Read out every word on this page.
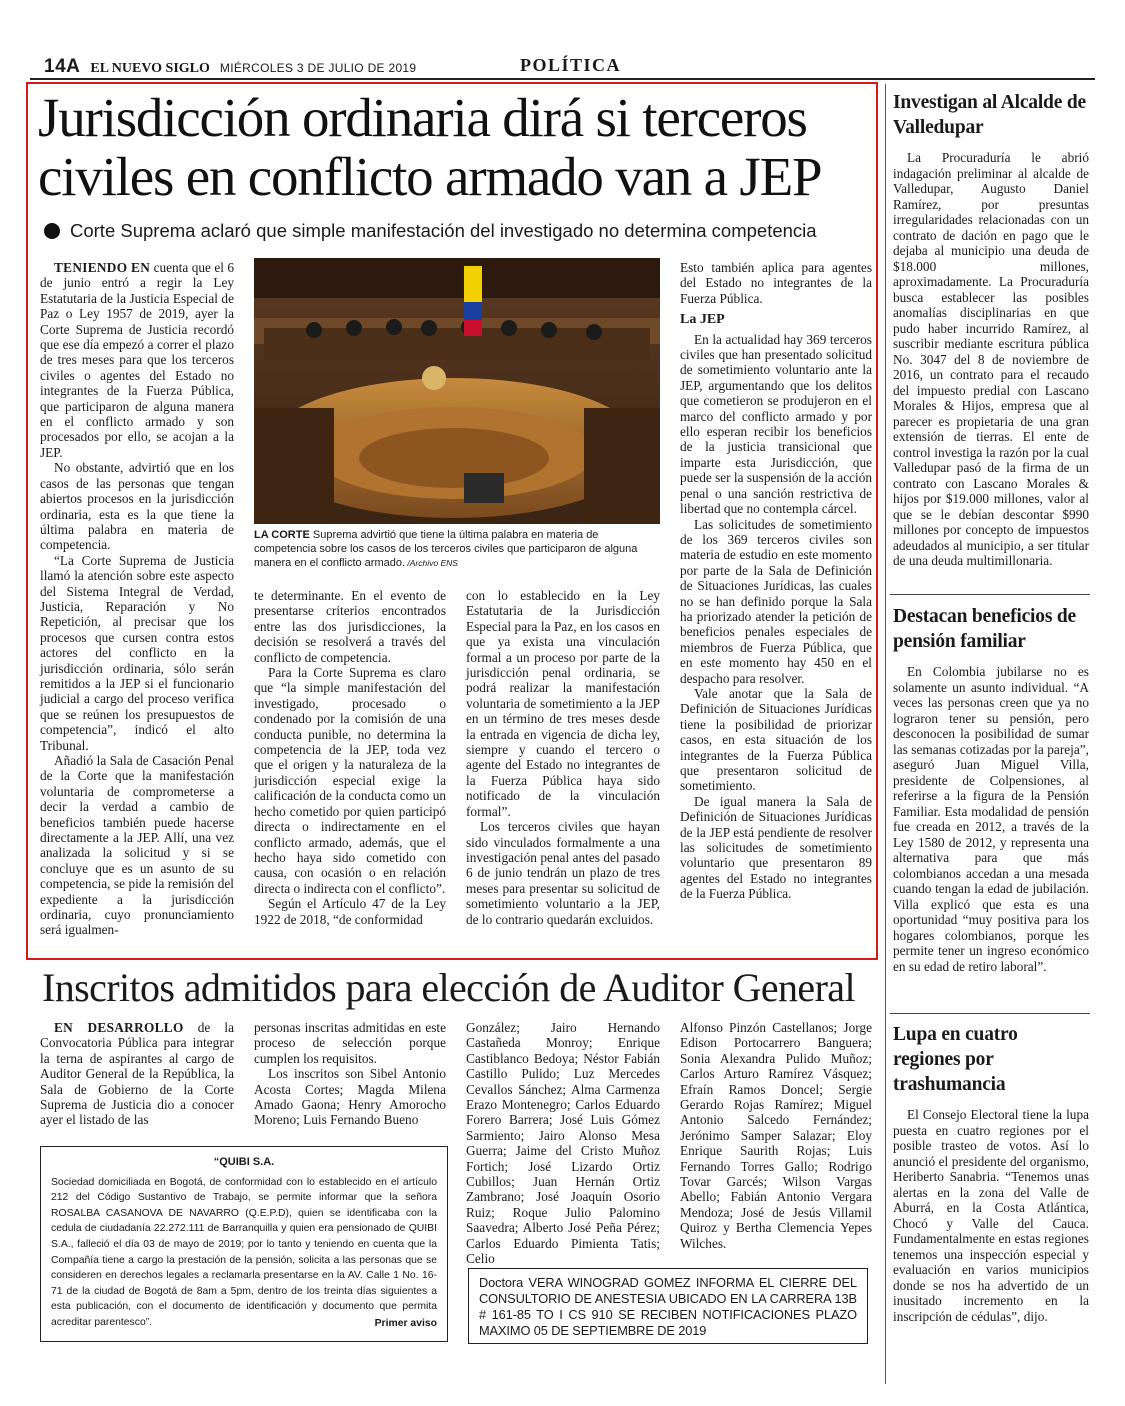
14A EL NUEVO SIGLO MIÉRCOLES 3 DE JULIO DE 2019	POLÍTICA
Jurisdicción ordinaria dirá si terceros civiles en conflicto armado van a JEP
Corte Suprema aclaró que simple manifestación del investigado no determina competencia

TENIENDO EN cuenta que el 6 de junio entró a regir la Ley Estatutaria de la Justicia Especial de Paz o Ley 1957 de 2019, ayer la Corte Suprema de Justicia recordó que ese día empezó a correr el plazo de tres meses para que los terceros civiles o agentes del Estado no integrantes de la Fuerza Pública, que participaron de alguna manera en el conflicto armado y son procesados por ello, se acojan a la JEP.

No obstante, advirtió que en los casos de las personas que tengan abiertos procesos en la jurisdicción ordinaria, esta es la que tiene la última palabra en materia de competencia.

“La Corte Suprema de Justicia llamó la atención sobre este aspecto del Sistema Integral de Verdad, Justicia, Reparación y No Repetición, al precisar que los procesos que cursen contra estos actores del conflicto en la jurisdicción ordinaria, sólo serán remitidos a la JEP si el funcionario judicial a cargo del proceso verifica que se reúnen los presupuestos de competencia”, indicó el alto Tribunal.

Añadió la Sala de Casación Penal de la Corte que la manifestación voluntaria de comprometerse a decir la verdad a cambio de beneficios también puede hacerse directamente a la JEP. Allí, una vez analizada la solicitud y si se concluye que es un asunto de su competencia, se pide la remisión del expediente a la jurisdicción ordinaria, cuyo pronunciamiento será igualmen-

LA CORTE Suprema advirtió que tiene la última palabra en materia de competencia sobre los casos de los terceros civiles que participaron de alguna manera en el conflicto armado. /Archivo ENS

te determinante. En el evento de presentarse criterios encontrados entre las dos jurisdicciones, la decisión se resolverá a través del conflicto de competencia.

Para la Corte Suprema es claro que “la simple manifestación del investigado, procesado o condenado por la comisión de una conducta punible, no determina la competencia de la JEP, toda vez que el origen y la naturaleza de la jurisdicción especial exige la calificación de la conducta como un hecho cometido por quien participó directa o indirectamente en el conflicto armado, además, que el hecho haya sido cometido con causa, con ocasión o en relación directa o indirecta con el conflicto”.

Según el Artículo 47 de la Ley 1922 de 2018, “de conformidad

con lo establecido en la Ley Estatutaria de la Jurisdicción Especial para la Paz, en los casos en que ya exista una vinculación formal a un proceso por parte de la jurisdicción penal ordinaria, se podrá realizar la manifestación voluntaria de sometimiento a la JEP en un término de tres meses desde la entrada en vigencia de dicha ley, siempre y cuando el tercero o agente del Estado no integrantes de la Fuerza Pública haya sido notificado de la vinculación formal”.

Los terceros civiles que hayan sido vinculados formalmente a una investigación penal antes del pasado 6 de junio tendrán un plazo de tres meses para presentar su solicitud de sometimiento voluntario a la JEP, de lo contrario quedarán excluidos.

Esto también aplica para agentes del Estado no integrantes de la Fuerza Pública.

La JEP

En la actualidad hay 369 terceros civiles que han presentado solicitud de sometimiento voluntario ante la JEP, argumentando que los delitos que cometieron se produjeron en el marco del conflicto armado y por ello esperan recibir los beneficios de la justicia transicional que imparte esta Jurisdicción, que puede ser la suspensión de la acción penal o una sanción restrictiva de libertad que no contempla cárcel.

Las solicitudes de sometimiento de los 369 terceros civiles son materia de estudio en este momento por parte de la Sala de Definición de Situaciones Jurídicas, las cuales no se han definido porque la Sala ha priorizado atender la petición de beneficios penales especiales de miembros de Fuerza Pública, que en este momento hay 450 en el despacho para resolver.

Vale anotar que la Sala de Definición de Situaciones Jurídicas tiene la posibilidad de priorizar casos, en esta situación de los integrantes de la Fuerza Pública que presentaron solicitud de sometimiento.

De igual manera la Sala de Definición de Situaciones Jurídicas de la JEP está pendiente de resolver las solicitudes de sometimiento voluntario que presentaron 89 agentes del Estado no integrantes de la Fuerza Pública.

Inscritos admitidos para elección de Auditor General

EN DESARROLLO de la Convocatoria Pública para integrar la terna de aspirantes al cargo de Auditor General de la República, la Sala de Gobierno de la Corte Suprema de Justicia dio a conocer ayer el listado de las

personas inscritas admitidas en este proceso de selección porque cumplen los requisitos.

Los inscritos son Sibel Antonio Acosta Cortes; Magda Milena Amado Gaona; Henry Amorocho Moreno; Luis Fernando Bueno

González; Jairo Hernando Castañeda Monroy; Enrique Castiblanco Bedoya; Néstor Fabián Castillo Pulido; Luz Mercedes Cevallos Sánchez; Alma Carmenza Erazo Montenegro; Carlos Eduardo Forero Barrera; José Luis Gómez Sarmiento; Jairo Alonso Mesa Guerra; Jaime del Cristo Muñoz Fortich; José Lizardo Ortiz Cubillos; Juan Hernán Ortiz Zambrano; José Joaquín Osorio Ruiz; Roque Julio Palomino Saavedra; Alberto José Peña Pérez; Carlos Eduardo Pimienta Tatis; Celio

Alfonso Pinzón Castellanos; Jorge Edison Portocarrero Banguera; Sonia Alexandra Pulido Muñoz; Carlos Arturo Ramírez Vásquez; Efraín Ramos Doncel; Sergie Gerardo Rojas Ramírez; Miguel Antonio Salcedo Fernández; Jerónimo Samper Salazar; Eloy Enrique Saurith Rojas; Luis Fernando Torres Gallo; Rodrigo Tovar Garcés; Wilson Vargas Abello; Fabián Antonio Vergara Mendoza; José de Jesús Villamil Quiroz y Bertha Clemencia Yepes Wilches.

“QUIBI S.A.
Sociedad domiciliada en Bogotá, de conformidad con lo establecido en el artículo 212 del Código Sustantivo de Trabajo, se permite informar que la señora ROSALBA CASANOVA DE NAVARRO (Q.E.P.D), quien se identificaba con la cedula de ciudadanía 22.272.111 de Barranquilla y quien era pensionado de QUIBI S.A., falleció el día 03 de mayo de 2019; por lo tanto y teniendo en cuenta que la Compañía tiene a cargo la prestación de la pensión, solicita a las personas que se consideren en derechos legales a reclamarla presentarse en la AV. Calle 1 No. 16-71 de la ciudad de Bogotá de 8am a 5pm, dentro de los treinta días siguientes a esta publicación, con el documento de identificación y documento que permita acreditar parentesco”.	Primer aviso
Doctora VERA WINOGRAD GOMEZ INFORMA EL CIERRE DEL CONSULTORIO DE ANESTESIA UBICADO EN LA CARRERA 13B # 161-85 TO I CS 910 SE RECIBEN NOTIFICACIONES PLAZO MAXIMO 05 DE SEPTIEMBRE DE 2019
Investigan al Alcalde de Valledupar

La Procuraduría le abrió indagación preliminar al alcalde de Valledupar, Augusto Daniel Ramírez, por presuntas irregularidades relacionadas con un contrato de dación en pago que le dejaba al municipio una deuda de $18.000 millones, aproximadamente. La Procuraduría busca establecer las posibles anomalías disciplinarias en que pudo haber incurrido Ramírez, al suscribir mediante escritura pública No. 3047 del 8 de noviembre de 2016, un contrato para el recaudo del impuesto predial con Lascano Morales & Hijos, empresa que al parecer es propietaria de una gran extensión de tierras. El ente de control investiga la razón por la cual Valledupar pasó de la firma de un contrato con Lascano Morales & hijos por $19.000 millones, valor al que se le debían descontar $990 millones por concepto de impuestos adeudados al municipio, a ser titular de una deuda multimillonaria.

Destacan beneficios de pensión familiar

En Colombia jubilarse no es solamente un asunto individual. “A veces las personas creen que ya no lograron tener su pensión, pero desconocen la posibilidad de sumar las semanas cotizadas por la pareja”, aseguró Juan Miguel Villa, presidente de Colpensiones, al referirse a la figura de la Pensión Familiar. Esta modalidad de pensión fue creada en 2012, a través de la Ley 1580 de 2012, y representa una alternativa para que más colombianos accedan a una mesada cuando tengan la edad de jubilación. Villa explicó que esta es una oportunidad “muy positiva para los hogares colombianos, porque les permite tener un ingreso económico en su edad de retiro laboral”.

Lupa en cuatro regiones por trashumancia

El Consejo Electoral tiene la lupa puesta en cuatro regiones por el posible trasteo de votos. Así lo anunció el presidente del organismo, Heriberto Sanabria. “Tenemos unas alertas en la zona del Valle de Aburrá, en la Costa Atlántica, Chocó y Valle del Cauca. Fundamentalmente en estas regiones tenemos una inspección especial y evaluación en varios municipios donde se nos ha advertido de un inusitado incremento en la inscripción de cédulas”, dijo.
